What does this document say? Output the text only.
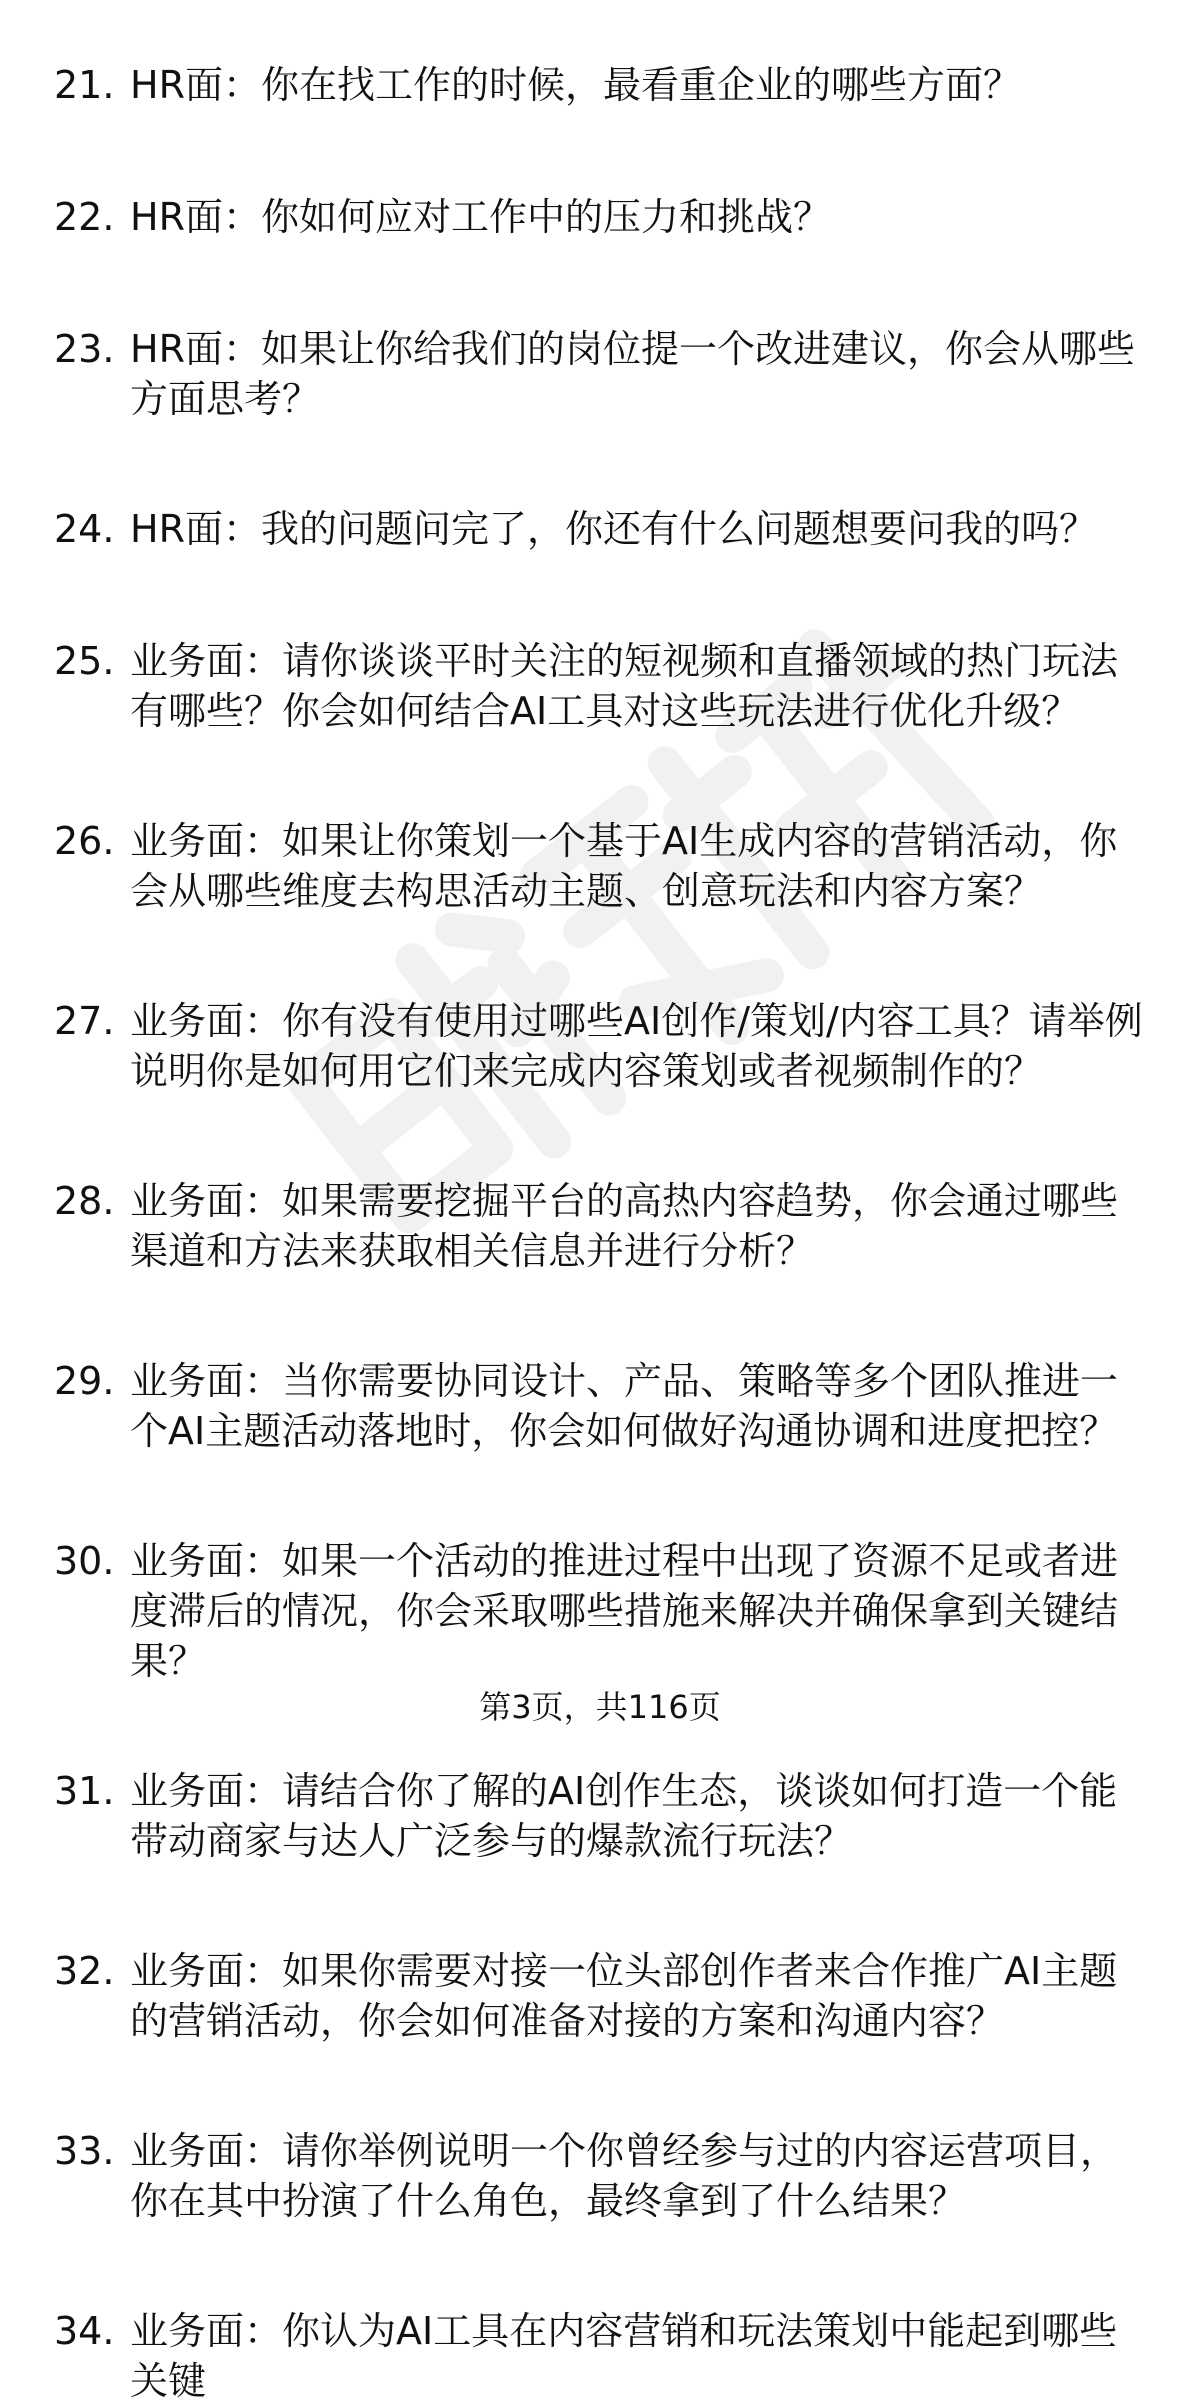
21. HR面：你在找工作的时候，最看重企业的哪些方面？
22. HR面：你如何应对工作中的压力和挑战？
23. HR面：如果让你给我们的岗位提一个改进建议，你会从哪些方面思考？
24. HR面：我的问题问完了，你还有什么问题想要问我的吗？
25. 业务面：请你谈谈平时关注的短视频和直播领域的热门玩法有哪些？你会如何结合AI工具对这些玩法进行优化升级？
26. 业务面：如果让你策划一个基于AI生成内容的营销活动，你会从哪些维度去构思活动主题、创意玩法和内容方案？
27. 业务面：你有没有使用过哪些AI创作/策划/内容工具？请举例说明你是如何用它们来完成内容策划或者视频制作的？
28. 业务面：如果需要挖掘平台的高热内容趋势，你会通过哪些渠道和方法来获取相关信息并进行分析？
29. 业务面：当你需要协同设计、产品、策略等多个团队推进一个AI主题活动落地时，你会如何做好沟通协调和进度把控？
30. 业务面：如果一个活动的推进过程中出现了资源不足或者进度滞后的情况，你会采取哪些措施来解决并确保拿到关键结果？
31. 业务面：请结合你了解的AI创作生态，谈谈如何打造一个能带动商家与达人广泛参与的爆款流行玩法？
32. 业务面：如果你需要对接一位头部创作者来合作推广AI主题的营销活动，你会如何准备对接的方案和沟通内容？
33. 业务面：请你举例说明一个你曾经参与过的内容运营项目，你在其中扮演了什么角色，最终拿到了什么结果？
34. 业务面：你认为AI工具在内容营销和玩法策划中能起到哪些关键
第3页，共116页
